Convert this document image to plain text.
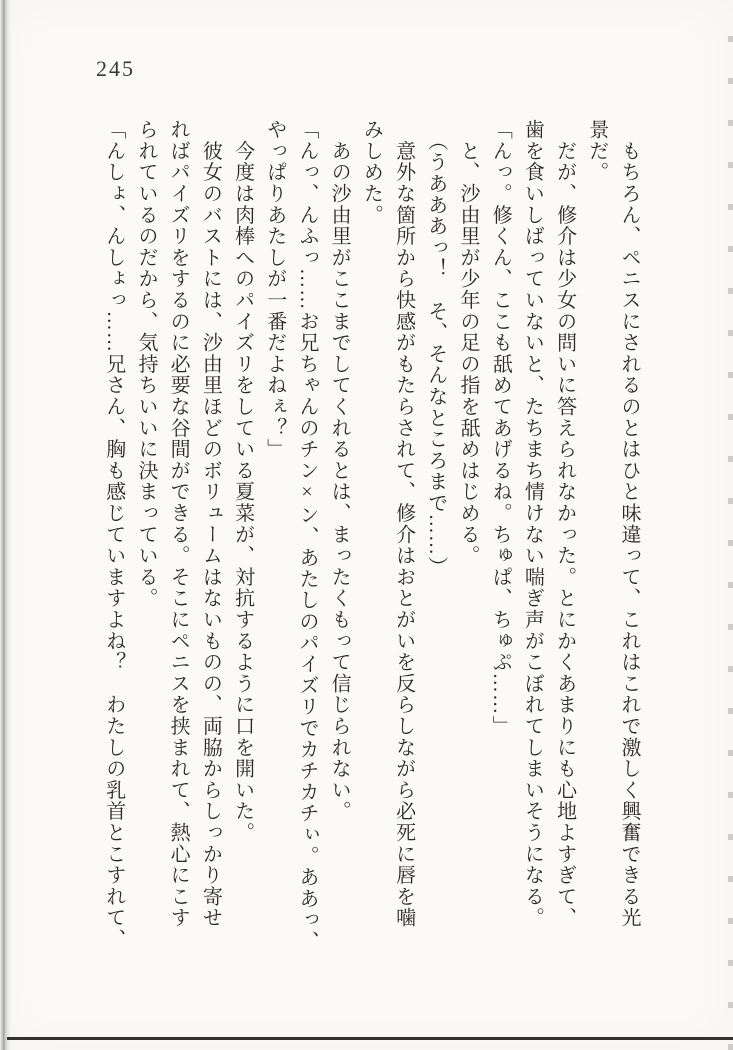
245

　もちろん、ペニスにされるのとはひと味違って、これはこれで激しく興奮できる光

景だ。

　だが、修介は少女の問いに答えられなかった。とにかくあまりにも心地よすぎて、

歯を食いしばっていないと、たちまち情けない喘ぎ声がこぼれてしまいそうになる。

「んっ。修くん、ここも舐めてあげるね。ちゅぱ、ちゅぷ……」

　と、沙由里が少年の足の指を舐めはじめる。

　（うあああっ！　そ、そんなところまで……）

　意外な箇所から快感がもたらされて、修介はおとがいを反らしながら必死に唇を噛

みしめた。

　あの沙由里がここまでしてくれるとは、まったくもって信じられない。

「んっ、んふっ……お兄ちゃんのチン×ン、あたしのパイズリでカチカチぃ。ああっ、

やっぱりあたしが一番だよねぇ？」

　今度は肉棒へのパイズリをしている夏菜が、対抗するように口を開いた。

　彼女のバストには、沙由里ほどのボリュームはないものの、両脇からしっかり寄せ

ればパイズリをするのに必要な谷間ができる。そこにペニスを挟まれて、熱心にこす

られているのだから、気持ちいいに決まっている。

「んしょ、んしょっ……兄さん、胸も感じていますよね？　わたしの乳首とこすれて、
